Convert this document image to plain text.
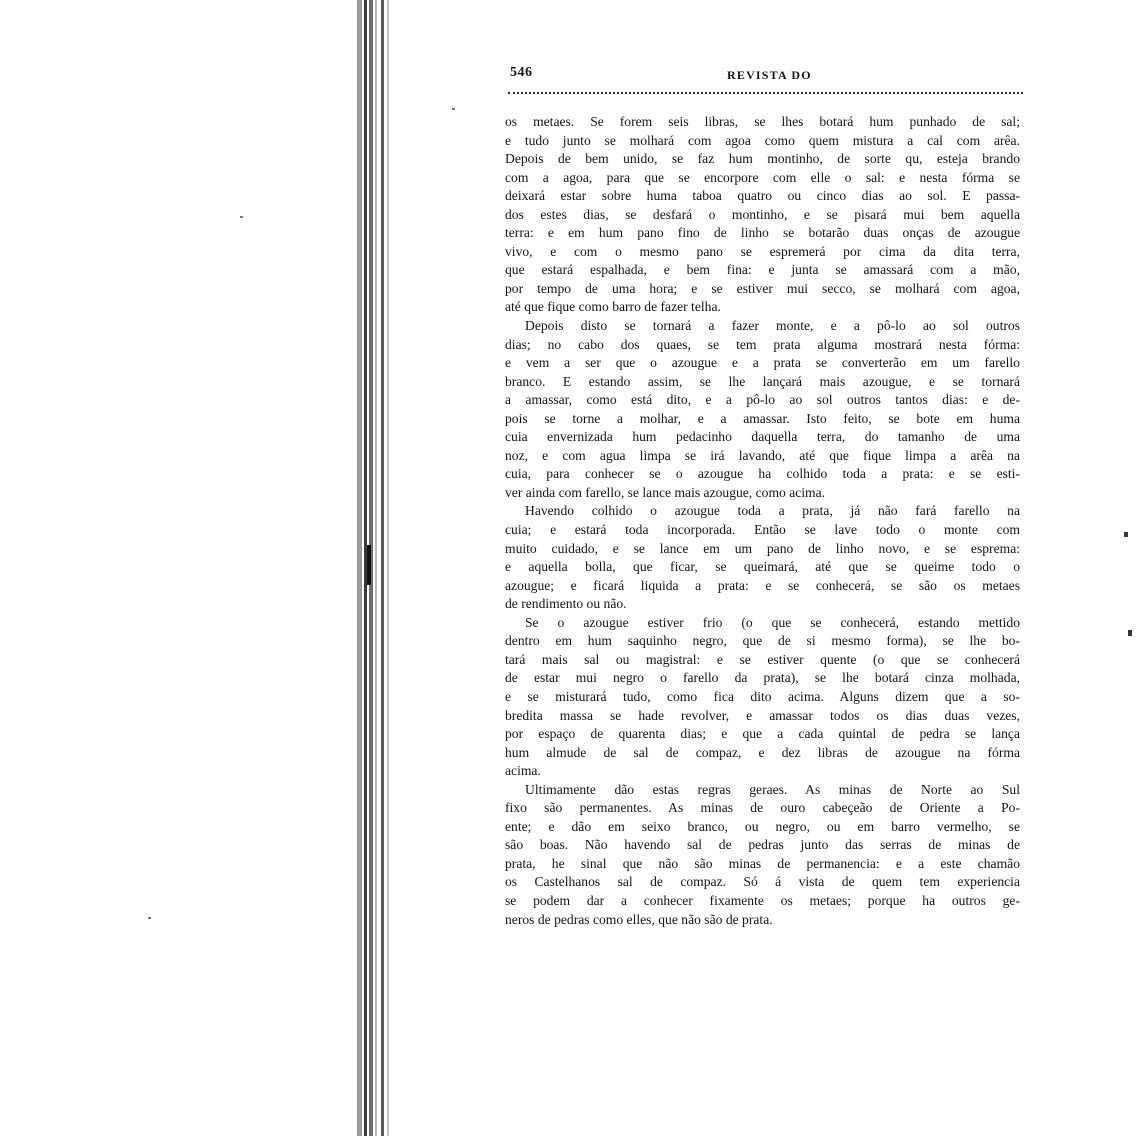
546	REVISTA DO
os metaes. Se forem seis libras, se lhes botará hum punhado de sal;
e tudo junto se molhará com agoa como quem mistura a cal com arêa.
Depois de bem unido, se faz hum montinho, de sorte qu, esteja brando
com a agoa, para que se encorpore com elle o sal: e nesta fórma se
deixará estar sobre huma taboa quatro ou cinco dias ao sol. E passa-
dos estes dias, se desfará o montinho, e se pisará mui bem aquella
terra: e em hum pano fino de linho se botarão duas onças de azougue
vivo, e com o mesmo pano se espremerá por cima da dita terra,
que estará espalhada, e bem fina: e junta se amassará com a mão,
por tempo de uma hora; e se estiver mui secco, se molhará com agoa,
até que fique como barro de fazer telha.
Depois disto se tornará a fazer monte, e a pô-lo ao sol outros
dias; no cabo dos quaes, se tem prata alguma mostrará nesta fórma:
e vem a ser que o azougue e a prata se converterão em um farello
branco. E estando assim, se lhe lançará mais azougue, e se tornará
a amassar, como está dito, e a pô-lo ao sol outros tantos dias: e de-
pois se torne a molhar, e a amassar. Isto feito, se bote em huma
cuia envernizada hum pedacinho daquella terra, do tamanho de uma
noz, e com agua limpa se irá lavando, até que fique limpa a arêa na
cuia, para conhecer se o azougue ha colhido toda a prata: e se esti-
ver ainda com farello, se lance mais azougue, como acima.
Havendo colhido o azougue toda a prata, já não fará farello na
cuia; e estará toda incorporada. Então se lave todo o monte com
muito cuidado, e se lance em um pano de linho novo, e se esprema:
e aquella bolla, que ficar, se queimará, até que se queime todo o
azougue; e ficará liquida a prata: e se conhecerá, se são os metaes
de rendimento ou não.
Se o azougue estiver frio (o que se conhecerá, estando mettido
dentro em hum saquinho negro, que de si mesmo forma), se lhe bo-
tará mais sal ou magistral: e se estiver quente (o que se conhecerá
de estar mui negro o farello da prata), se lhe botará cinza molhada,
e se misturará tudo, como fica dito acima. Alguns dizem que a so-
bredita massa se hade revolver, e amassar todos os dias duas vezes,
por espaço de quarenta dias; e que a cada quintal de pedra se lança
hum almude de sal de compaz, e dez libras de azougue na fórma
acima.
Ultimamente dão estas regras geraes. As minas de Norte ao Sul
fixo são permanentes. As minas de ouro cabeçeão de Oriente a Po-
ente; e dão em seixo branco, ou negro, ou em barro vermelho, se
são boas. Não havendo sal de pedras junto das serras de minas de
prata, he sinal que não são minas de permanencia: e a este chamão
os Castelhanos sal de compaz. Só á vista de quem tem experiencia
se podem dar a conhecer fixamente os metaes; porque ha outros ge-
neros de pedras como elles, que não são de prata.
